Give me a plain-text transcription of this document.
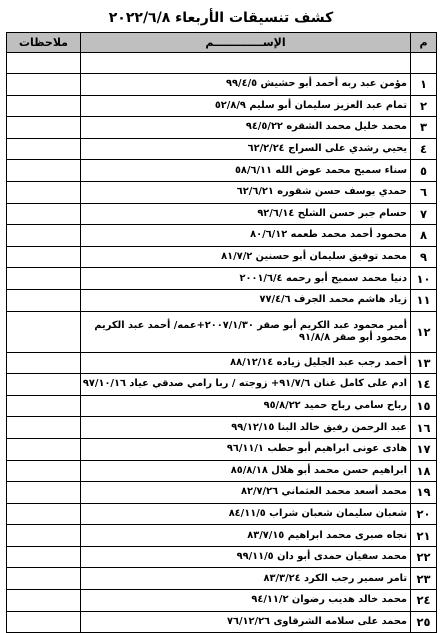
كشف تنسيقات الأربعاء ٢٠٢٢/٦/٨
م	الإســـــــــــــم	ملاحظات

١	مؤمن عبد ربه أحمد أبو حشيش ٩٩/٤/٥	
٢	تمام عبد العزيز سليمان أبو سليم ٥٢/٨/٩	
٣	محمد خليل محمد الشقره ٩٤/٥/٢٢	
٤	يحيي رشدي على السراج ٦٢/٢/٢٤	
٥	سناء سميح محمد عوض الله ٥٨/٦/١١	
٦	حمدي يوسف حسن شقوره ٦٢/٦/٢١	
٧	حسام جبر حسن الشلح ٩٢/٦/١٤	
٨	محمود أحمد محمد طعمه ٨٠/٦/١٢	
٩	محمد توفيق سليمان أبو حسنين ٨١/٧/٢	
١٠	دنيا محمد سميح أبو رحمه ٢٠٠١/٦/٤	
١١	زياد هاشم محمد الجرف ٧٧/٤/٦	
١٢	أمير محمود عبد الكريم أبو صقر ٢٠٠٧/١/٣٠+عمه/ أحمد عبد الكريم محمود أبو صقر ٩١/٨/٨	
١٣	أحمد رجب عبد الجليل زياده ٨٨/١٢/١٤	
١٤	ادم على كامل غنان ٩١/٧/٦+ زوجته / ربا رامي صدقي عياد ٩٧/١٠/١٦	
١٥	رباح سامي رباح حميد ٩٥/٨/٢٢	
١٦	عبد الرحمن رفيق خالد البنا ٩٩/١٢/١٥	
١٧	هادى عونى ابراهيم أبو حطب ٩٦/١١/١	
١٨	ابراهيم حسن محمد أبو هلال ٨٥/٨/١٨	
١٩	محمد أسعد محمد العثماني ٨٢/٧/٢٦	
٢٠	شعبان سليمان شعبان شراب ٨٤/١١/٥	
٢١	نجاه صبرى محمد ابراهيم ٨٣/٧/١٥	
٢٢	محمد سفيان حمدى أبو دان ٩٩/١١/٥	
٢٣	تامر سمير رجب الكرد ٨٣/٣/٢٤	
٢٤	محمد خالد هديب رضوان ٩٤/١١/٢	
٢٥	محمد على سلامه الشرقاوى ٧٦/١٢/٢٦	
